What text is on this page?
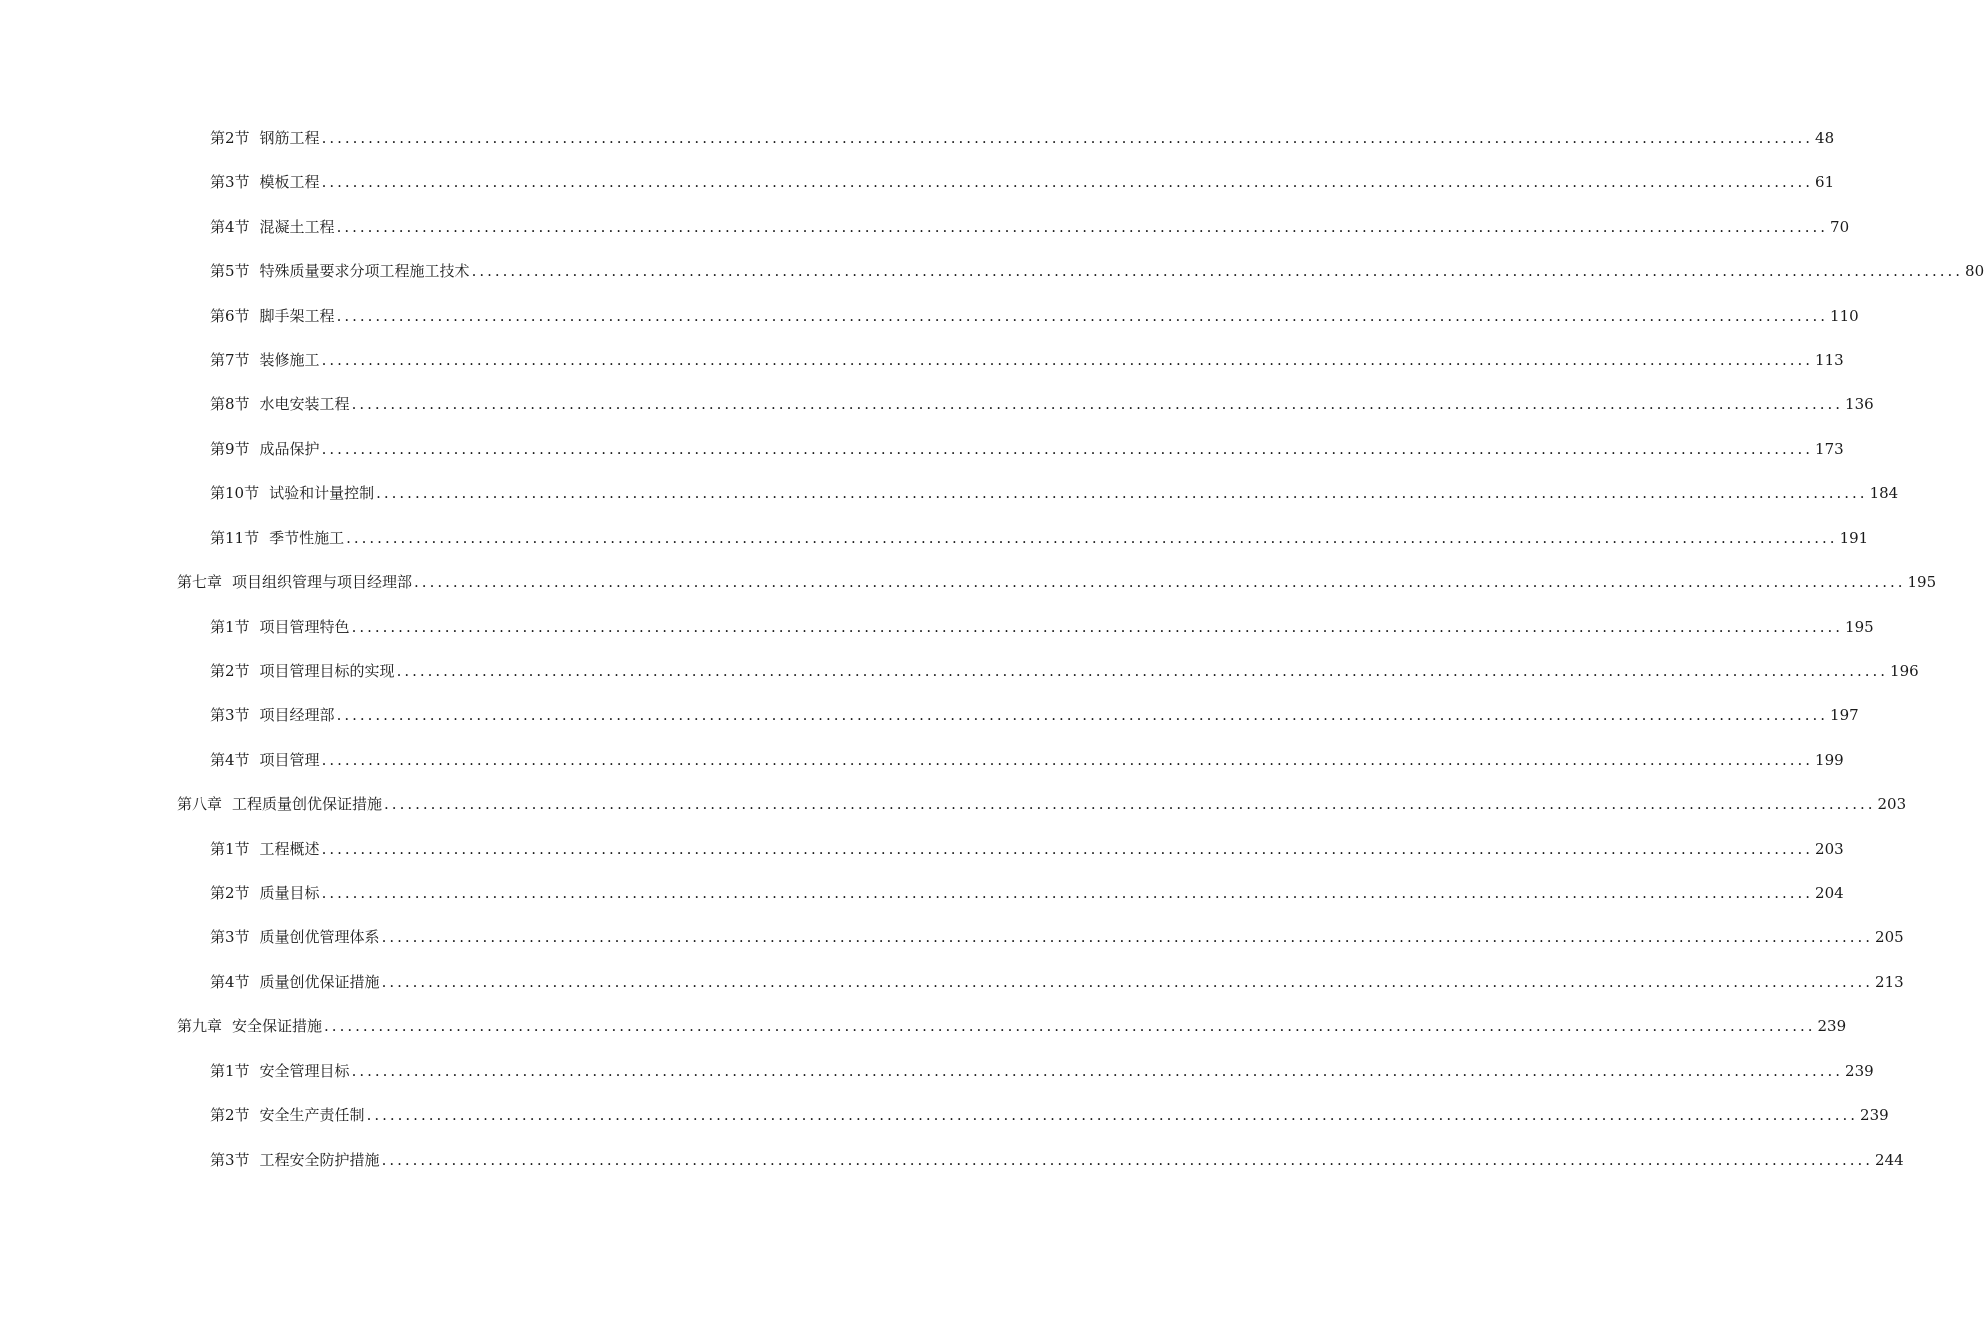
第2节 钢筋工程 ................................................................................................................................................................................................ 48
第3节 模板工程 ................................................................................................................................................................................................ 61
第4节 混凝土工程 ................................................................................................................................................................................................ 70
第5节 特殊质量要求分项工程施工技术 ................................................................................................................................................................................................ 80
第6节 脚手架工程 ................................................................................................................................................................................................ 110
第7节 装修施工 ................................................................................................................................................................................................ 113
第8节 水电安装工程 ................................................................................................................................................................................................ 136
第9节 成品保护 ................................................................................................................................................................................................ 173
第10节 试验和计量控制 ................................................................................................................................................................................................ 184
第11节 季节性施工 ................................................................................................................................................................................................ 191
第七章 项目组织管理与项目经理部 ................................................................................................................................................................................................ 195
第1节 项目管理特色 ................................................................................................................................................................................................ 195
第2节 项目管理目标的实现 ................................................................................................................................................................................................ 196
第3节 项目经理部 ................................................................................................................................................................................................ 197
第4节 项目管理 ................................................................................................................................................................................................ 199
第八章 工程质量创优保证措施 ................................................................................................................................................................................................ 203
第1节 工程概述 ................................................................................................................................................................................................ 203
第2节 质量目标 ................................................................................................................................................................................................ 204
第3节 质量创优管理体系 ................................................................................................................................................................................................ 205
第4节 质量创优保证措施 ................................................................................................................................................................................................ 213
第九章 安全保证措施 ................................................................................................................................................................................................ 239
第1节 安全管理目标 ................................................................................................................................................................................................ 239
第2节 安全生产责任制 ................................................................................................................................................................................................ 239
第3节 工程安全防护措施 ................................................................................................................................................................................................ 244
